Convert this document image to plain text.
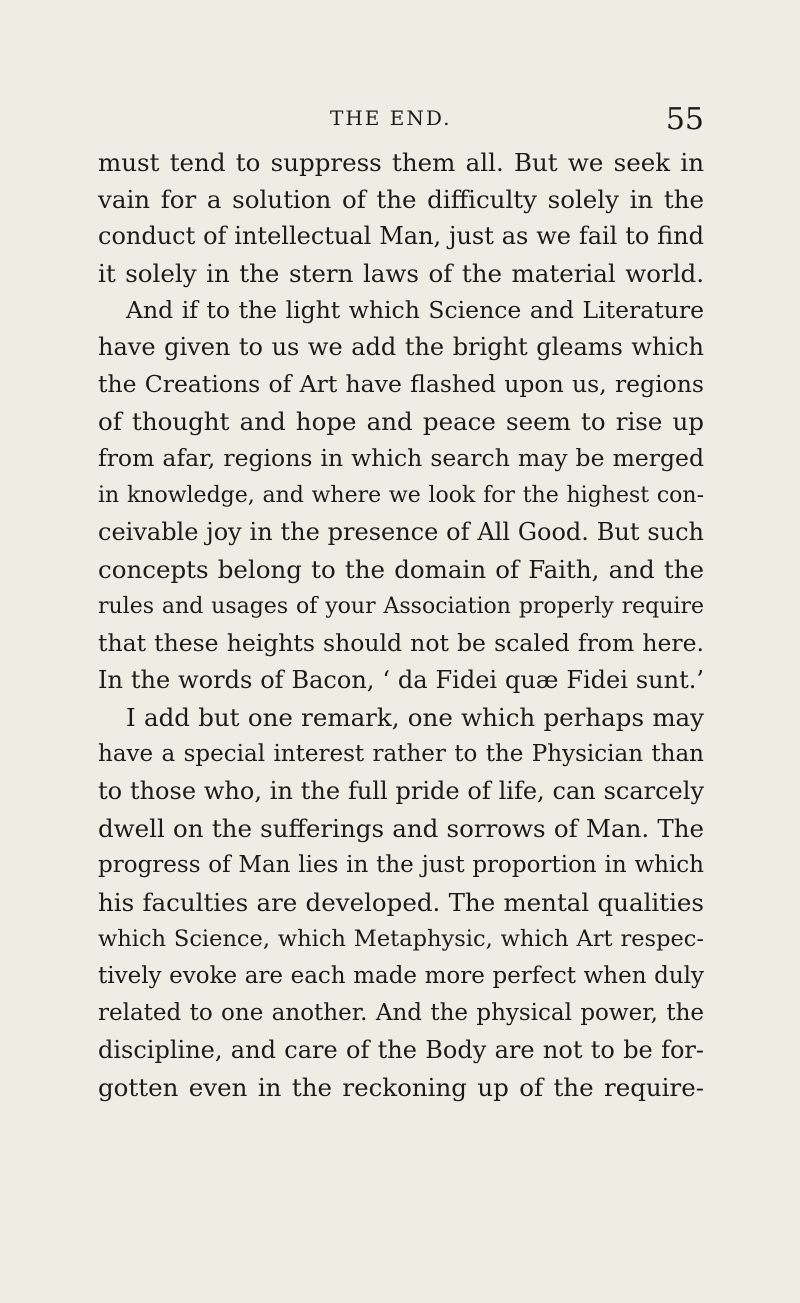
THE END.	55
must tend to suppress them all. But we seek in
vain for a solution of the difficulty solely in the
conduct of intellectual Man, just as we fail to find
it solely in the stern laws of the material world.
And if to the light which Science and Literature
have given to us we add the bright gleams which
the Creations of Art have flashed upon us, regions
of thought and hope and peace seem to rise up
from afar, regions in which search may be merged
in knowledge, and where we look for the highest con-
ceivable joy in the presence of All Good. But such
concepts belong to the domain of Faith, and the
rules and usages of your Association properly require
that these heights should not be scaled from here.
In the words of Bacon, ‘ da Fidei quæ Fidei sunt.’
I add but one remark, one which perhaps may
have a special interest rather to the Physician than
to those who, in the full pride of life, can scarcely
dwell on the sufferings and sorrows of Man. The
progress of Man lies in the just proportion in which
his faculties are developed. The mental qualities
which Science, which Metaphysic, which Art respec-
tively evoke are each made more perfect when duly
related to one another. And the physical power, the
discipline, and care of the Body are not to be for-
gotten even in the reckoning up of the require-
